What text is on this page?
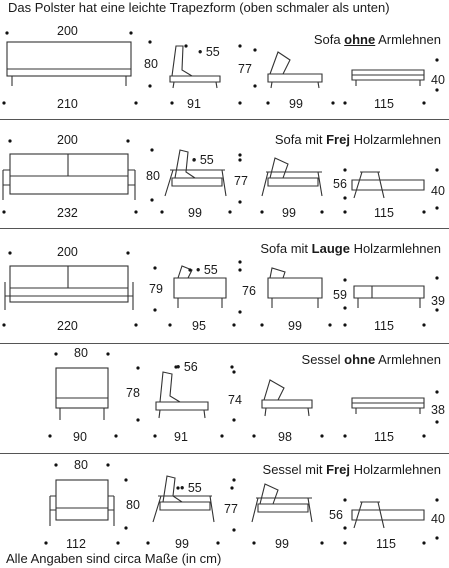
Das Polster hat eine leichte Trapezform (oben schmaler als unten)
Alle Angaben sind circa Maße (in cm)
Sofa ohne Armlehnen
Sofa mit Frej Holzarmlehnen
Sofa mit Lauge Holzarmlehnen
Sessel ohne Armlehnen
Sessel mit Frej Holzarmlehnen
200
210
80
• 55
91
77
99	115
40
200
232
80
• 55
99
77
99
56
115
40
200
220
79
• 55
95
76
99
59
115
39
80
90
78
• 56
91
74
98	115
38
80
112
80
• 55
99
77
99
56
115
40
